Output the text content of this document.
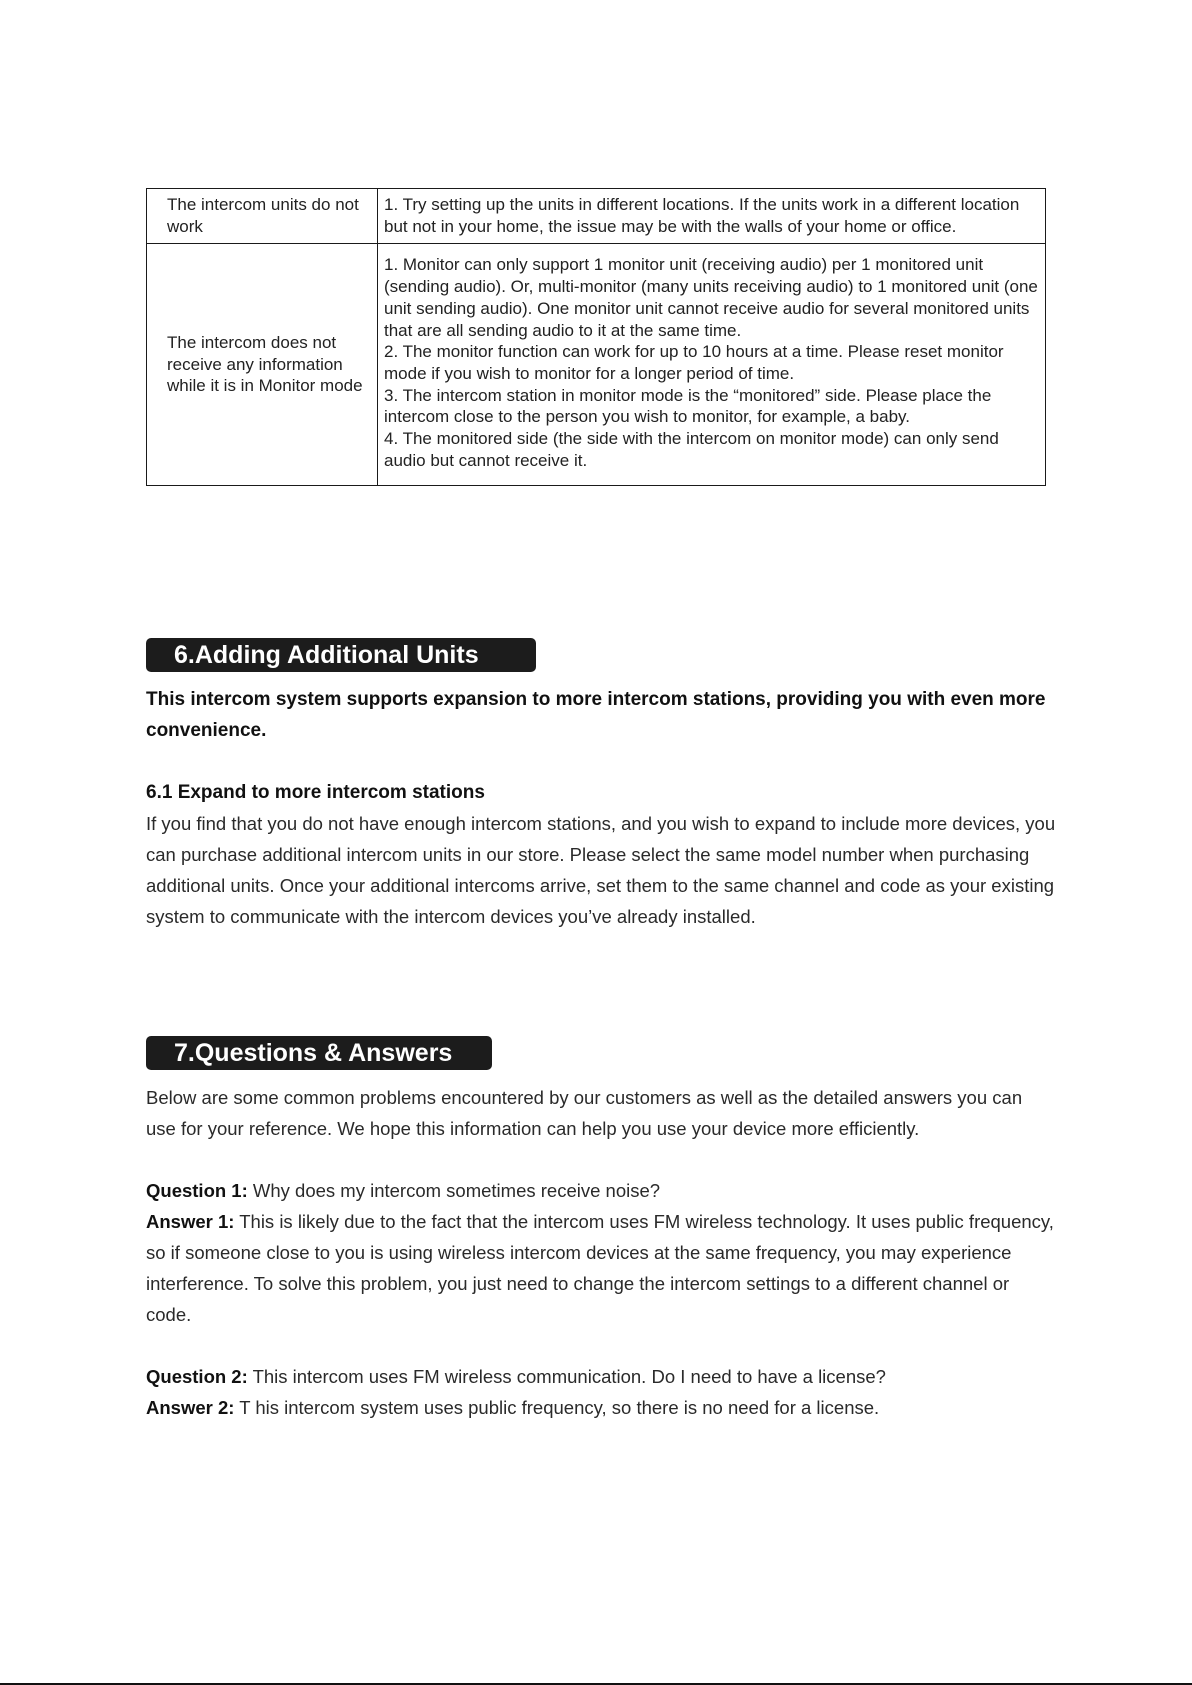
The intercom units do not work	1. Try setting up the units in different locations. If the units work in a different location but not in your home, the issue may be with the walls of your home or office.

The intercom does not receive any information while it is in Monitor mode	1. Monitor can only support 1 monitor unit (receiving audio) per 1 monitored unit (sending audio). Or, multi-monitor (many units receiving audio) to 1 monitored unit (one unit sending audio). One monitor unit cannot receive audio for several monitored units that are all sending audio to it at the same time.
2. The monitor function can work for up to 10 hours at a time. Please reset monitor mode if you wish to monitor for a longer period of time.
3. The intercom station in monitor mode is the “monitored” side. Please place the intercom close to the person you wish to monitor, for example, a baby.
4. The monitored side (the side with the intercom on monitor mode) can only send audio but cannot receive it.
6.Adding Additional Units
This intercom system supports expansion to more intercom stations, providing you with even more convenience.
6.1 Expand to more intercom stations
If you find that you do not have enough intercom stations, and you wish to expand to include more devices, you can purchase additional intercom units in our store. Please select the same model number when purchasing additional units. Once your additional intercoms arrive, set them to the same channel and code as your existing system to communicate with the intercom devices you’ve already installed.
7.Questions & Answers
Below are some common problems encountered by our customers as well as the detailed answers you can use for your reference. We hope this information can help you use your device more efficiently.
Question 1: Why does my intercom sometimes receive noise?
Answer 1: This is likely due to the fact that the intercom uses FM wireless technology. It uses public frequency, so if someone close to you is using wireless intercom devices at the same frequency, you may experience interference. To solve this problem, you just need to change the intercom settings to a different channel or code.
Question 2: This intercom uses FM wireless communication. Do I need to have a license?
Answer 2: T his intercom system uses public frequency, so there is no need for a license.
